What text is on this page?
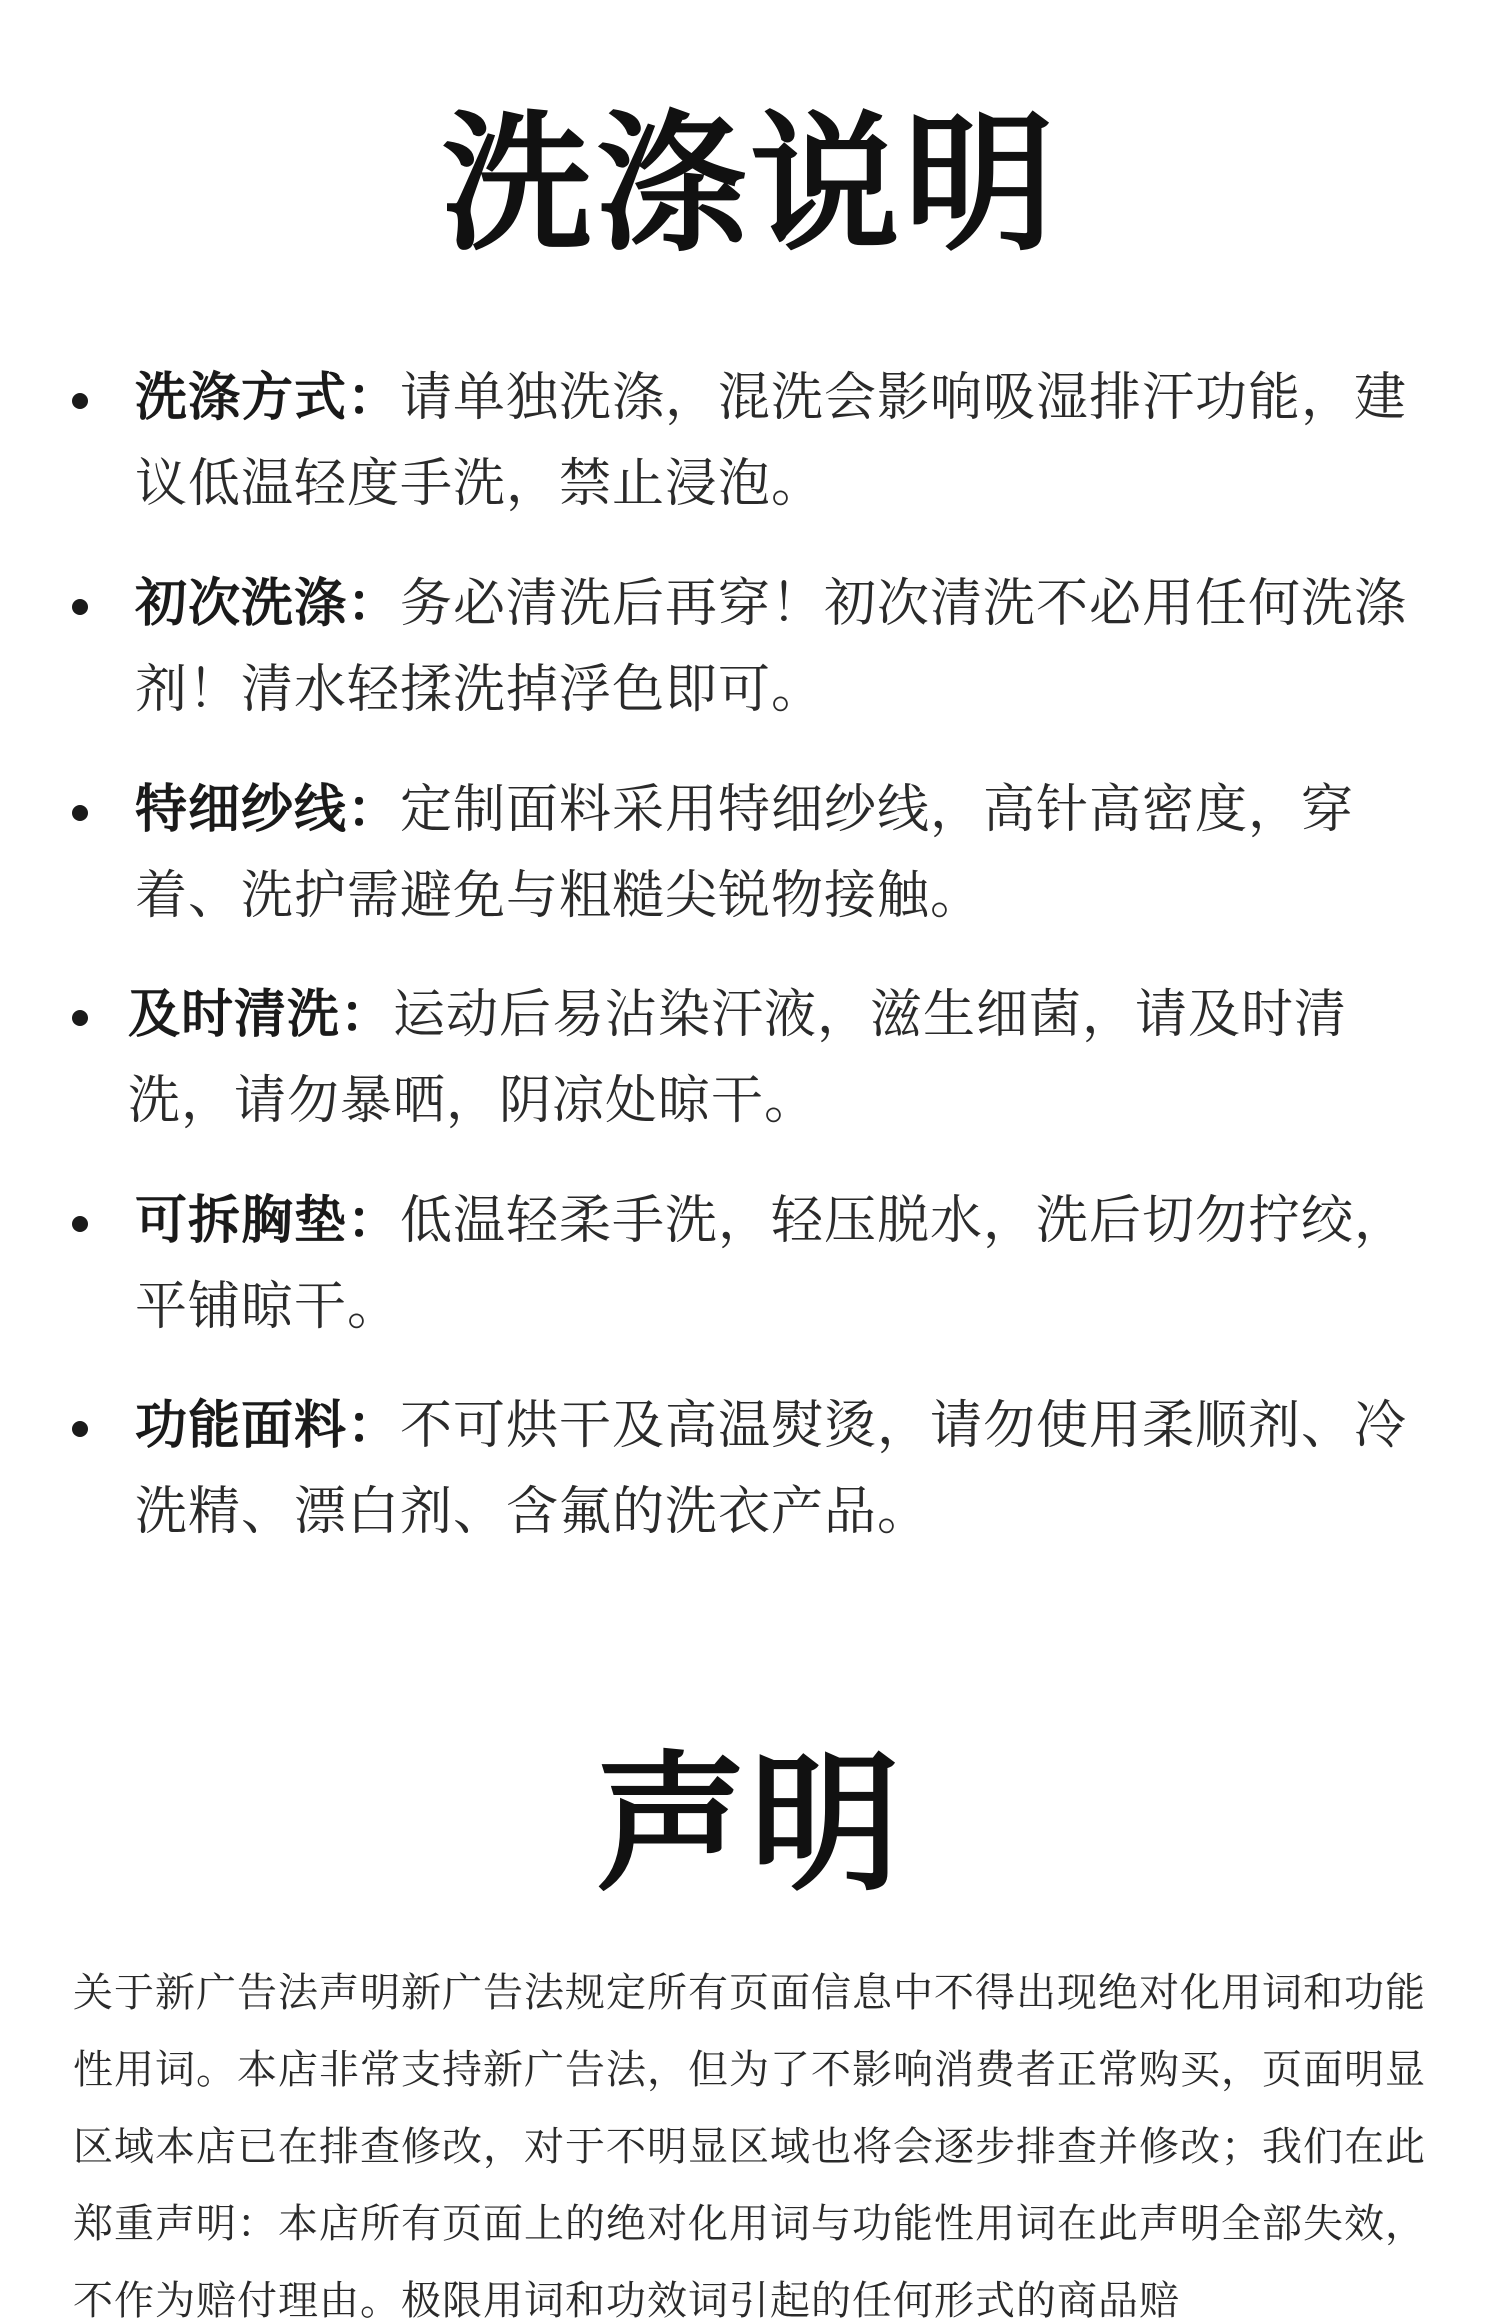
洗涤说明
洗涤方式：请单独洗涤，混洗会影响吸湿排汗功能，建议低温轻度手洗，禁止浸泡。
初次洗涤：务必清洗后再穿！初次清洗不必用任何洗涤剂！清水轻揉洗掉浮色即可。
特细纱线：定制面料采用特细纱线，高针高密度，穿着、洗护需避免与粗糙尖锐物接触。
及时清洗：运动后易沾染汗液，滋生细菌，请及时清洗，请勿暴晒，阴凉处晾干。
可拆胸垫：低温轻柔手洗，轻压脱水，洗后切勿拧绞，平铺晾干。
功能面料：不可烘干及高温熨烫，请勿使用柔顺剂、冷洗精、漂白剂、含氟的洗衣产品。
声明

关于新广告法声明新广告法规定所有页面信息中不得出现绝对化用词和功能性用词。本店非常支持新广告法，但为了不影响消费者正常购买，页面明显区域本店已在排查修改，对于不明显区域也将会逐步排查并修改；我们在此郑重声明：本店所有页面上的绝对化用词与功能性用词在此声明全部失效，不作为赔付理由。极限用词和功效词引起的任何形式的商品赔
